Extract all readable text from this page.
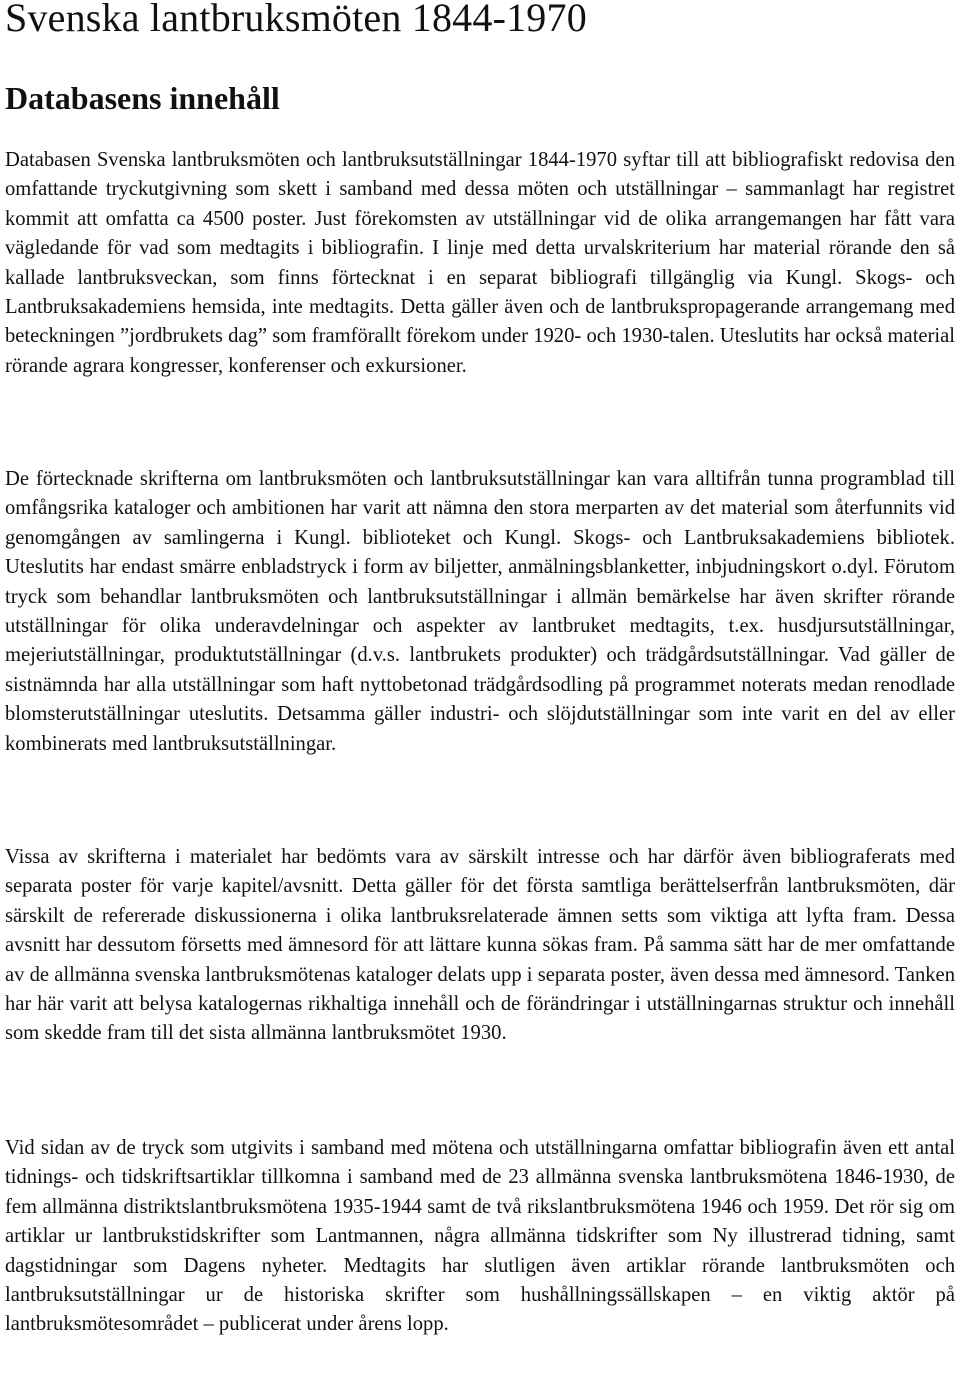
Svenska lantbruksmöten 1844-1970
Databasens innehåll

Databasen Svenska lantbruksmöten och lantbruksutställningar 1844-1970 syftar till att bibliografiskt redovisa den omfattande tryckutgivning som skett i samband med dessa möten och utställningar – sammanlagt har registret kommit att omfatta ca 4500 poster. Just förekomsten av utställningar vid de olika arrangemangen har fått vara vägledande för vad som medtagits i bibliografin. I linje med detta urvalskriterium har material rörande den så kallade lantbruksveckan, som finns förtecknat i en separat bibliografi tillgänglig via Kungl. Skogs- och Lantbruksakademiens hemsida, inte medtagits. Detta gäller även och de lantbrukspropagerande arrangemang med beteckningen ”jordbrukets dag” som framförallt förekom under 1920- och 1930-talen. Uteslutits har också material rörande agrara kongresser, konferenser och exkursioner.

De förtecknade skrifterna om lantbruksmöten och lantbruksutställningar kan vara alltifrån tunna programblad till omfångsrika kataloger och ambitionen har varit att nämna den stora merparten av det material som återfunnits vid genomgången av samlingerna i Kungl. biblioteket och Kungl. Skogs- och Lantbruksakademiens bibliotek. Uteslutits har endast smärre enbladstryck i form av biljetter, anmälningsblanketter, inbjudningskort o.dyl. Förutom tryck som behandlar lantbruksmöten och lantbruksutställningar i allmän bemärkelse har även skrifter rörande utställningar för olika underavdelningar och aspekter av lantbruket medtagits, t.ex. husdjursutställningar, mejeriutställningar, produktutställningar (d.v.s. lantbrukets produkter) och trädgårdsutställningar. Vad gäller de sistnämnda har alla utställningar som haft nyttobetonad trädgårdsodling på programmet noterats medan renodlade blomsterutställningar uteslutits. Detsamma gäller industri- och slöjdutställningar som inte varit en del av eller kombinerats med lantbruksutställningar.

Vissa av skrifterna i materialet har bedömts vara av särskilt intresse och har därför även bibliograferats med separata poster för varje kapitel/avsnitt. Detta gäller för det första samtliga berättelserfrån lantbruksmöten, där särskilt de refererade diskussionerna i olika lantbruksrelaterade ämnen setts som viktiga att lyfta fram. Dessa avsnitt har dessutom försetts med ämnesord för att lättare kunna sökas fram. På samma sätt har de mer omfattande av de allmänna svenska lantbruksmötenas kataloger delats upp i separata poster, även dessa med ämnesord. Tanken har här varit att belysa katalogernas rikhaltiga innehåll och de förändringar i utställningarnas struktur och innehåll som skedde fram till det sista allmänna lantbruksmötet 1930.

Vid sidan av de tryck som utgivits i samband med mötena och utställningarna omfattar bibliografin även ett antal tidnings- och tidskriftsartiklar tillkomna i samband med de 23 allmänna svenska lantbruksmötena 1846-1930, de fem allmänna distriktslantbruksmötena 1935-1944 samt de två rikslantbruksmötena 1946 och 1959. Det rör sig om artiklar ur lantbrukstidskrifter som Lantmannen, några allmänna tidskrifter som Ny illustrerad tidning, samt dagstidningar som Dagens nyheter. Medtagits har slutligen även artiklar rörande lantbruksmöten och lantbruksutställningar ur de historiska skrifter som hushållningssällskapen – en viktig aktör på lantbruksmötesområdet – publicerat under årens lopp.
